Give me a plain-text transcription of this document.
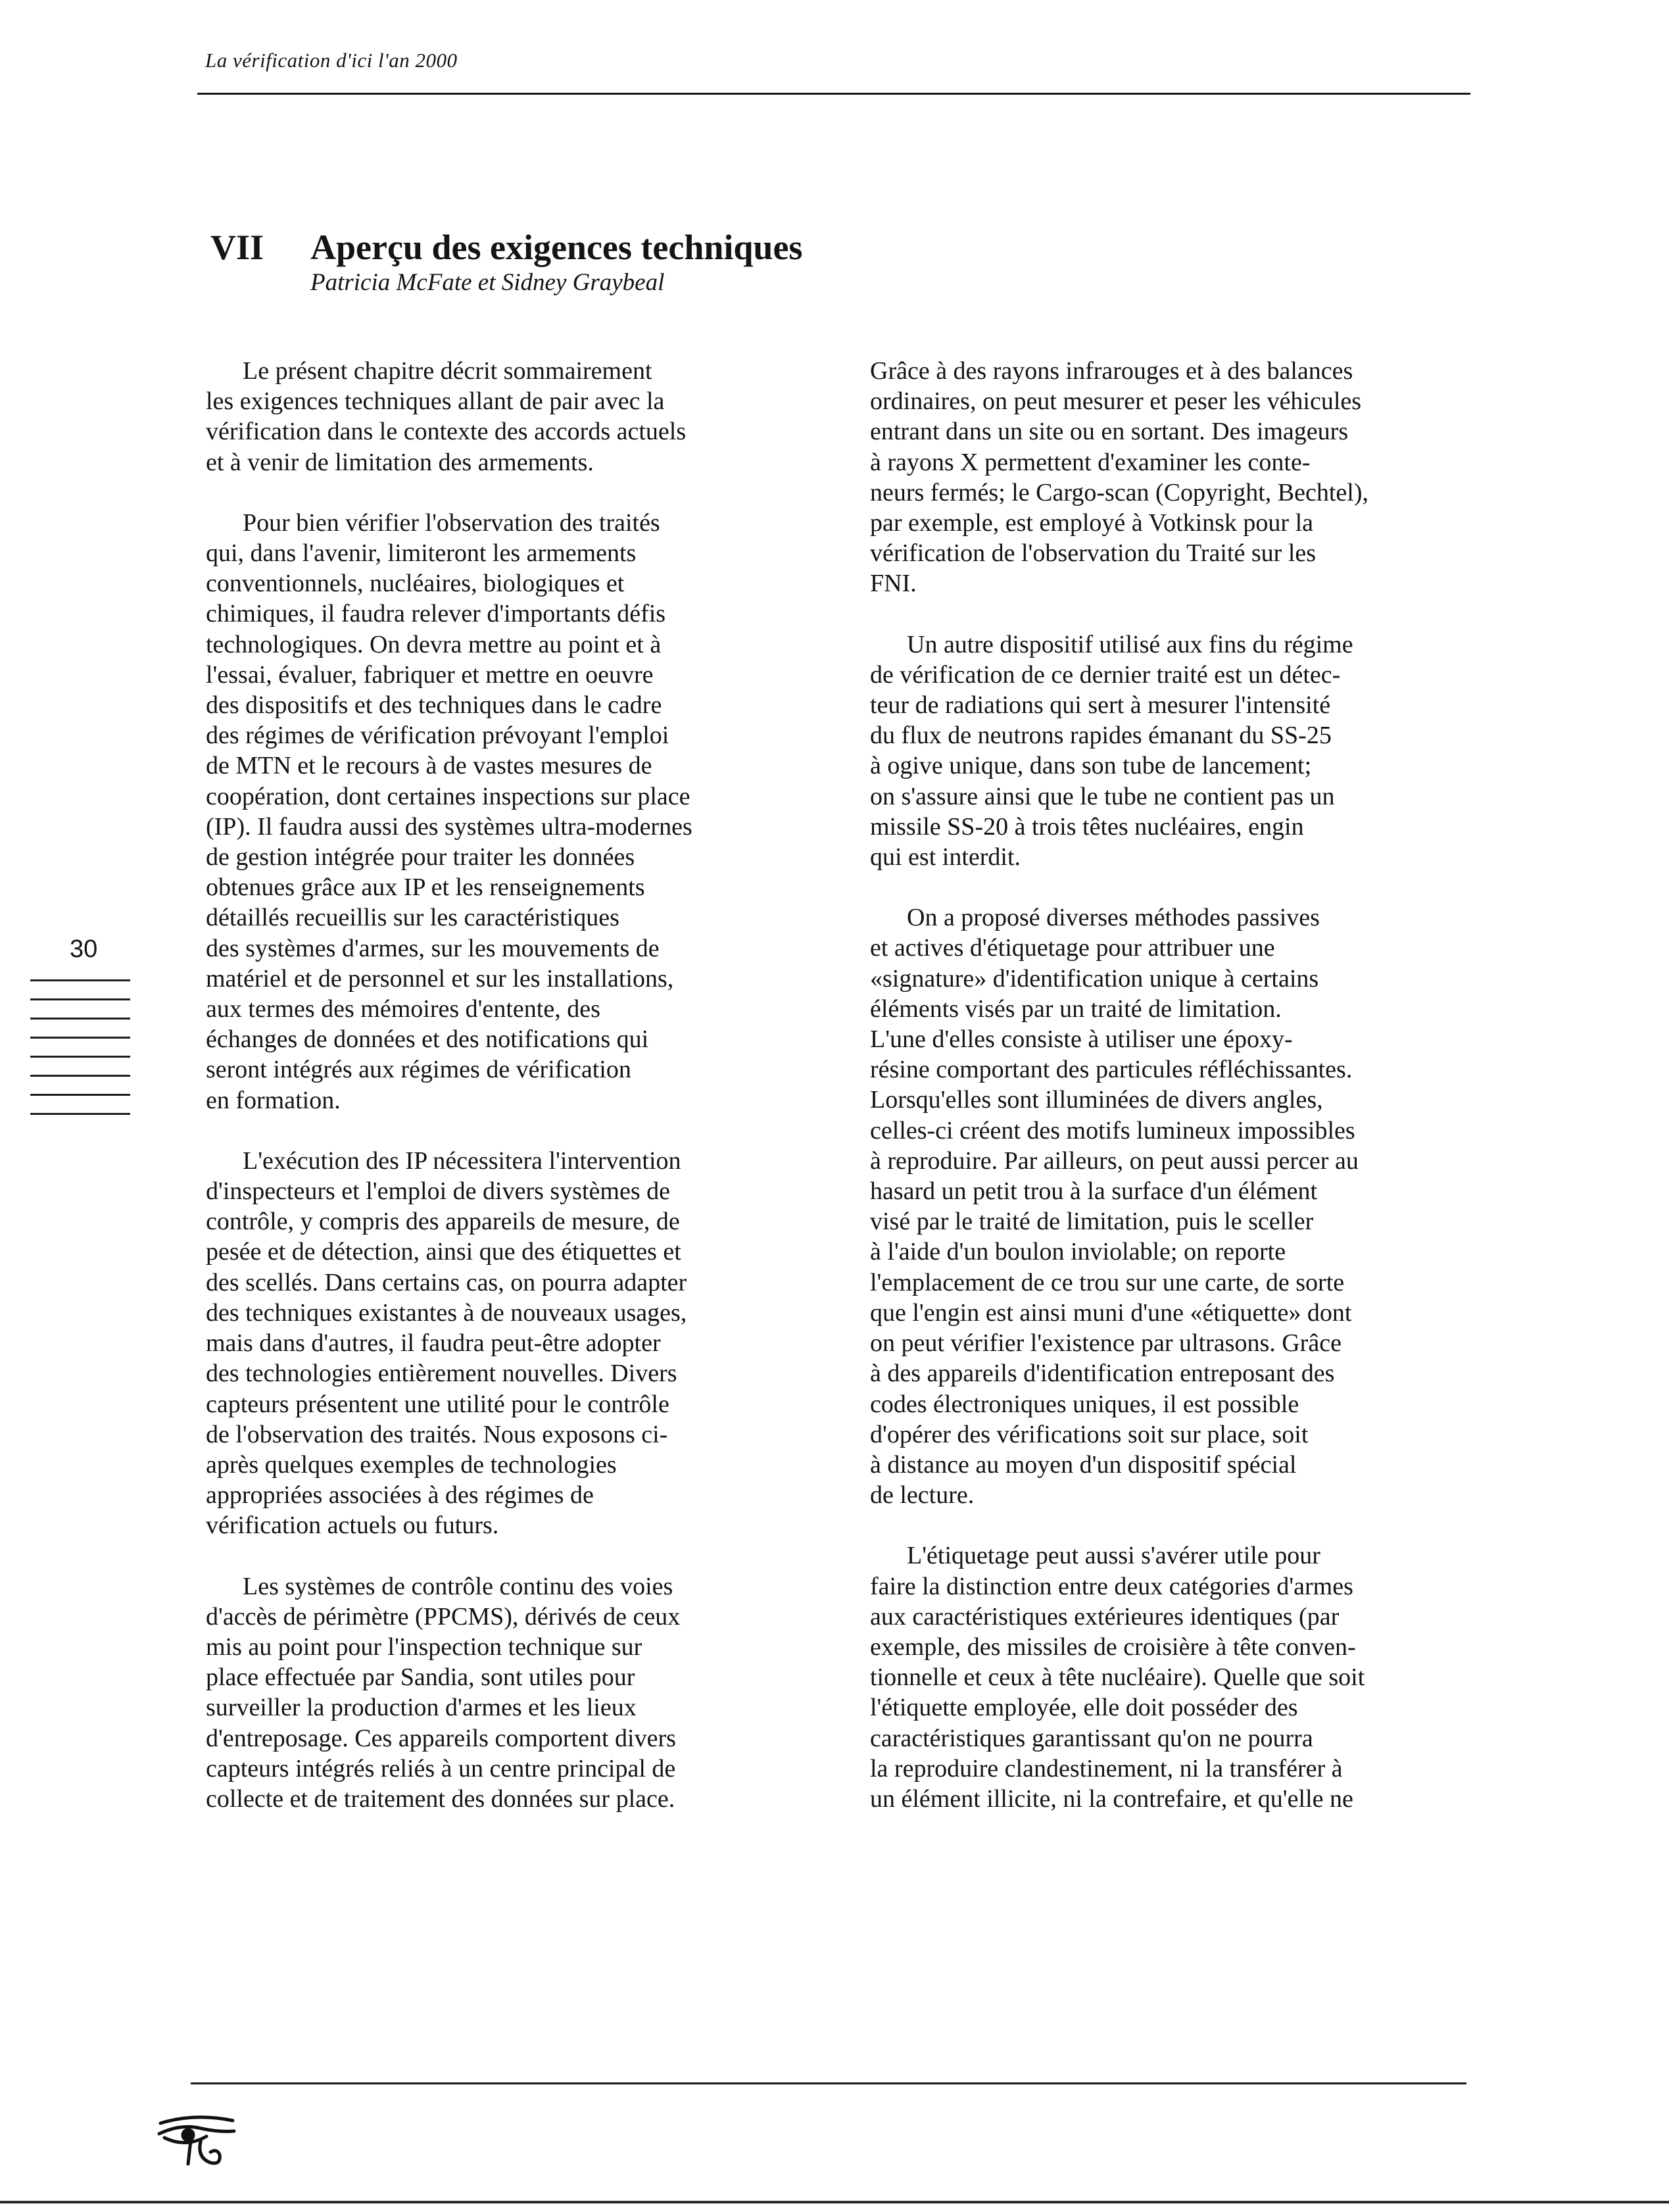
La vérification d'ici l'an 2000
VII Aperçu des exigences techniques
Patricia McFate et Sidney Graybeal
Le présent chapitre décrit sommairement
les exigences techniques allant de pair avec la
vérification dans le contexte des accords actuels
et à venir de limitation des armements.
Pour bien vérifier l'observation des traités
qui, dans l'avenir, limiteront les armements
conventionnels, nucléaires, biologiques et
chimiques, il faudra relever d'importants défis
technologiques. On devra mettre au point et à
l'essai, évaluer, fabriquer et mettre en oeuvre
des dispositifs et des techniques dans le cadre
des régimes de vérification prévoyant l'emploi
de MTN et le recours à de vastes mesures de
coopération, dont certaines inspections sur place
(IP). Il faudra aussi des systèmes ultra-modernes
de gestion intégrée pour traiter les données
obtenues grâce aux IP et les renseignements
détaillés recueillis sur les caractéristiques
des systèmes d'armes, sur les mouvements de
matériel et de personnel et sur les installations,
aux termes des mémoires d'entente, des
échanges de données et des notifications qui
seront intégrés aux régimes de vérification
en formation.
L'exécution des IP nécessitera l'intervention
d'inspecteurs et l'emploi de divers systèmes de
contrôle, y compris des appareils de mesure, de
pesée et de détection, ainsi que des étiquettes et
des scellés. Dans certains cas, on pourra adapter
des techniques existantes à de nouveaux usages,
mais dans d'autres, il faudra peut-être adopter
des technologies entièrement nouvelles. Divers
capteurs présentent une utilité pour le contrôle
de l'observation des traités. Nous exposons ci-
après quelques exemples de technologies
appropriées associées à des régimes de
vérification actuels ou futurs.
Les systèmes de contrôle continu des voies
d'accès de périmètre (PPCMS), dérivés de ceux
mis au point pour l'inspection technique sur
place effectuée par Sandia, sont utiles pour
surveiller la production d'armes et les lieux
d'entreposage. Ces appareils comportent divers
capteurs intégrés reliés à un centre principal de
collecte et de traitement des données sur place.
Grâce à des rayons infrarouges et à des balances
ordinaires, on peut mesurer et peser les véhicules
entrant dans un site ou en sortant. Des imageurs
à rayons X permettent d'examiner les conte-
neurs fermés; le Cargo-scan (Copyright, Bechtel),
par exemple, est employé à Votkinsk pour la
vérification de l'observation du Traité sur les
FNI.
Un autre dispositif utilisé aux fins du régime
de vérification de ce dernier traité est un détec-
teur de radiations qui sert à mesurer l'intensité
du flux de neutrons rapides émanant du SS-25
à ogive unique, dans son tube de lancement;
on s'assure ainsi que le tube ne contient pas un
missile SS-20 à trois têtes nucléaires, engin
qui est interdit.
On a proposé diverses méthodes passives
et actives d'étiquetage pour attribuer une
«signature» d'identification unique à certains
éléments visés par un traité de limitation.
L'une d'elles consiste à utiliser une époxy-
résine comportant des particules réfléchissantes.
Lorsqu'elles sont illuminées de divers angles,
celles-ci créent des motifs lumineux impossibles
à reproduire. Par ailleurs, on peut aussi percer au
hasard un petit trou à la surface d'un élément
visé par le traité de limitation, puis le sceller
à l'aide d'un boulon inviolable; on reporte
l'emplacement de ce trou sur une carte, de sorte
que l'engin est ainsi muni d'une «étiquette» dont
on peut vérifier l'existence par ultrasons. Grâce
à des appareils d'identification entreposant des
codes électroniques uniques, il est possible
d'opérer des vérifications soit sur place, soit
à distance au moyen d'un dispositif spécial
de lecture.
L'étiquetage peut aussi s'avérer utile pour
faire la distinction entre deux catégories d'armes
aux caractéristiques extérieures identiques (par
exemple, des missiles de croisière à tête conven-
tionnelle et ceux à tête nucléaire). Quelle que soit
l'étiquette employée, elle doit posséder des
caractéristiques garantissant qu'on ne pourra
la reproduire clandestinement, ni la transférer à
un élément illicite, ni la contrefaire, et qu'elle ne
30
